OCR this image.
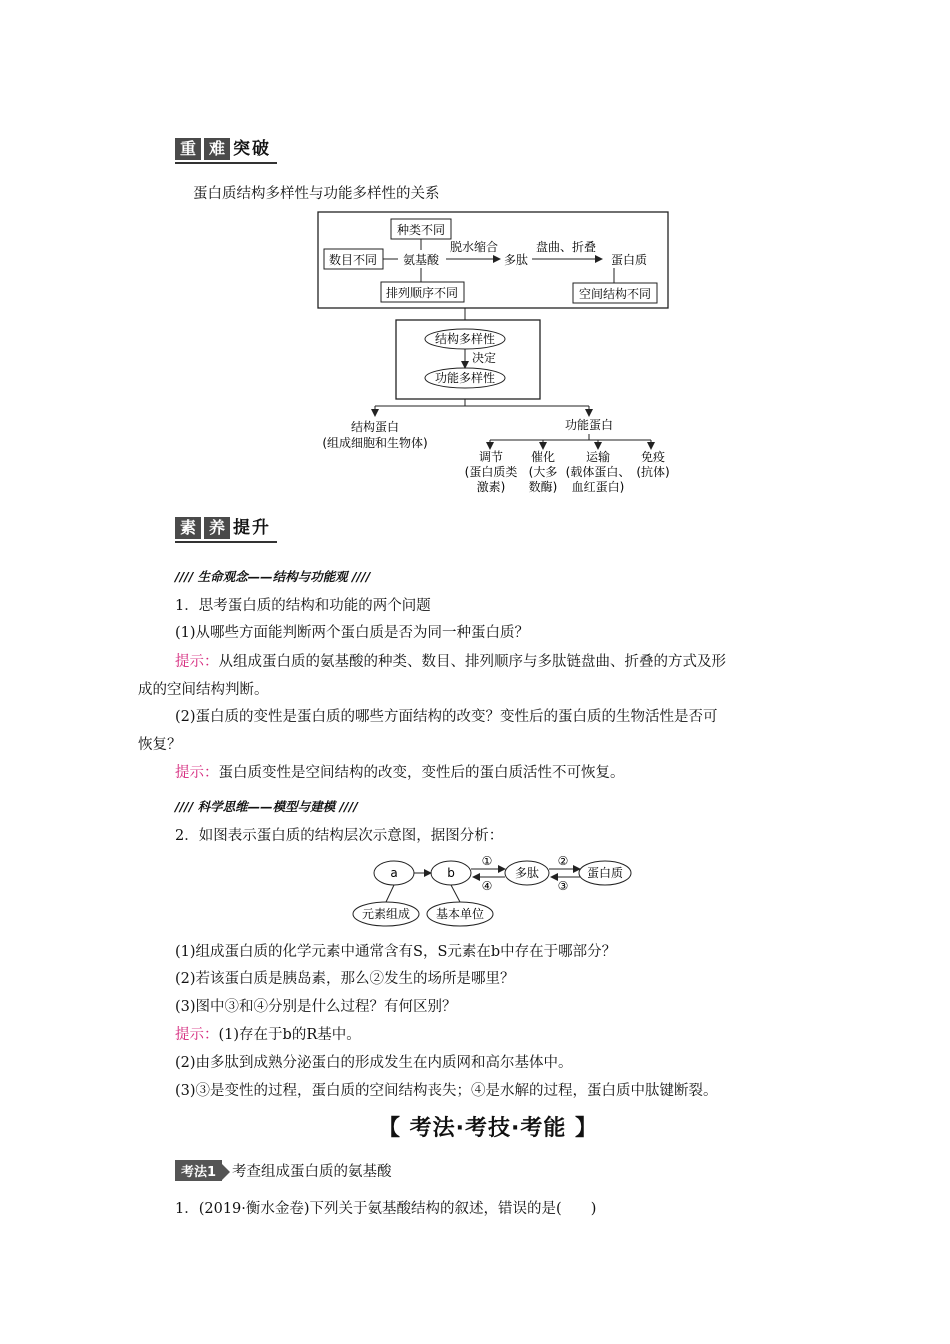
重 难 突 破
蛋白质结构多样性与功能多样性的关系
种类不同
数目不同 氨基酸
排列顺序不同
脱水缩合
多肽
盘曲、折叠
蛋白质
空间结构不同
结构多样性
决定
功能多样性
结构蛋白
(组成细胞和生物体)
功能蛋白
调节
(蛋白质类
激素)
催化
(大多
数酶)
运输
(载体蛋白、
血红蛋白)
免疫
(抗体)
素 养 提 升
//// 生命观念——结构与功能观 ////
1．思考蛋白质的结构和功能的两个问题
(1)从哪些方面能判断两个蛋白质是否为同一种蛋白质？
提示：从组成蛋白质的氨基酸的种类、数目、排列顺序与多肽链盘曲、折叠的方式及形
成的空间结构判断。
(2)蛋白质的变性是蛋白质的哪些方面结构的改变？变性后的蛋白质的生物活性是否可
恢复？
提示：蛋白质变性是空间结构的改变，变性后的蛋白质活性不可恢复。
//// 科学思维——模型与建模 ////
2．如图表示蛋白质的结构层次示意图，据图分析：
a	b
①
④
多肽
②
③
蛋白质
元素组成 基本单位
(1)组成蛋白质的化学元素中通常含有S，S元素在b中存在于哪部分？
(2)若该蛋白质是胰岛素，那么②发生的场所是哪里？
(3)图中③和④分别是什么过程？有何区别？
提示：(1)存在于b的R基中。
(2)由多肽到成熟分泌蛋白的形成发生在内质网和高尔基体中。
(3)③是变性的过程，蛋白质的空间结构丧失；④是水解的过程，蛋白质中肽键断裂。
【 考法·考技·考能 】
考法1 考查组成蛋白质的氨基酸
1．(2019·衡水金卷)下列关于氨基酸结构的叙述，错误的是(　　)
